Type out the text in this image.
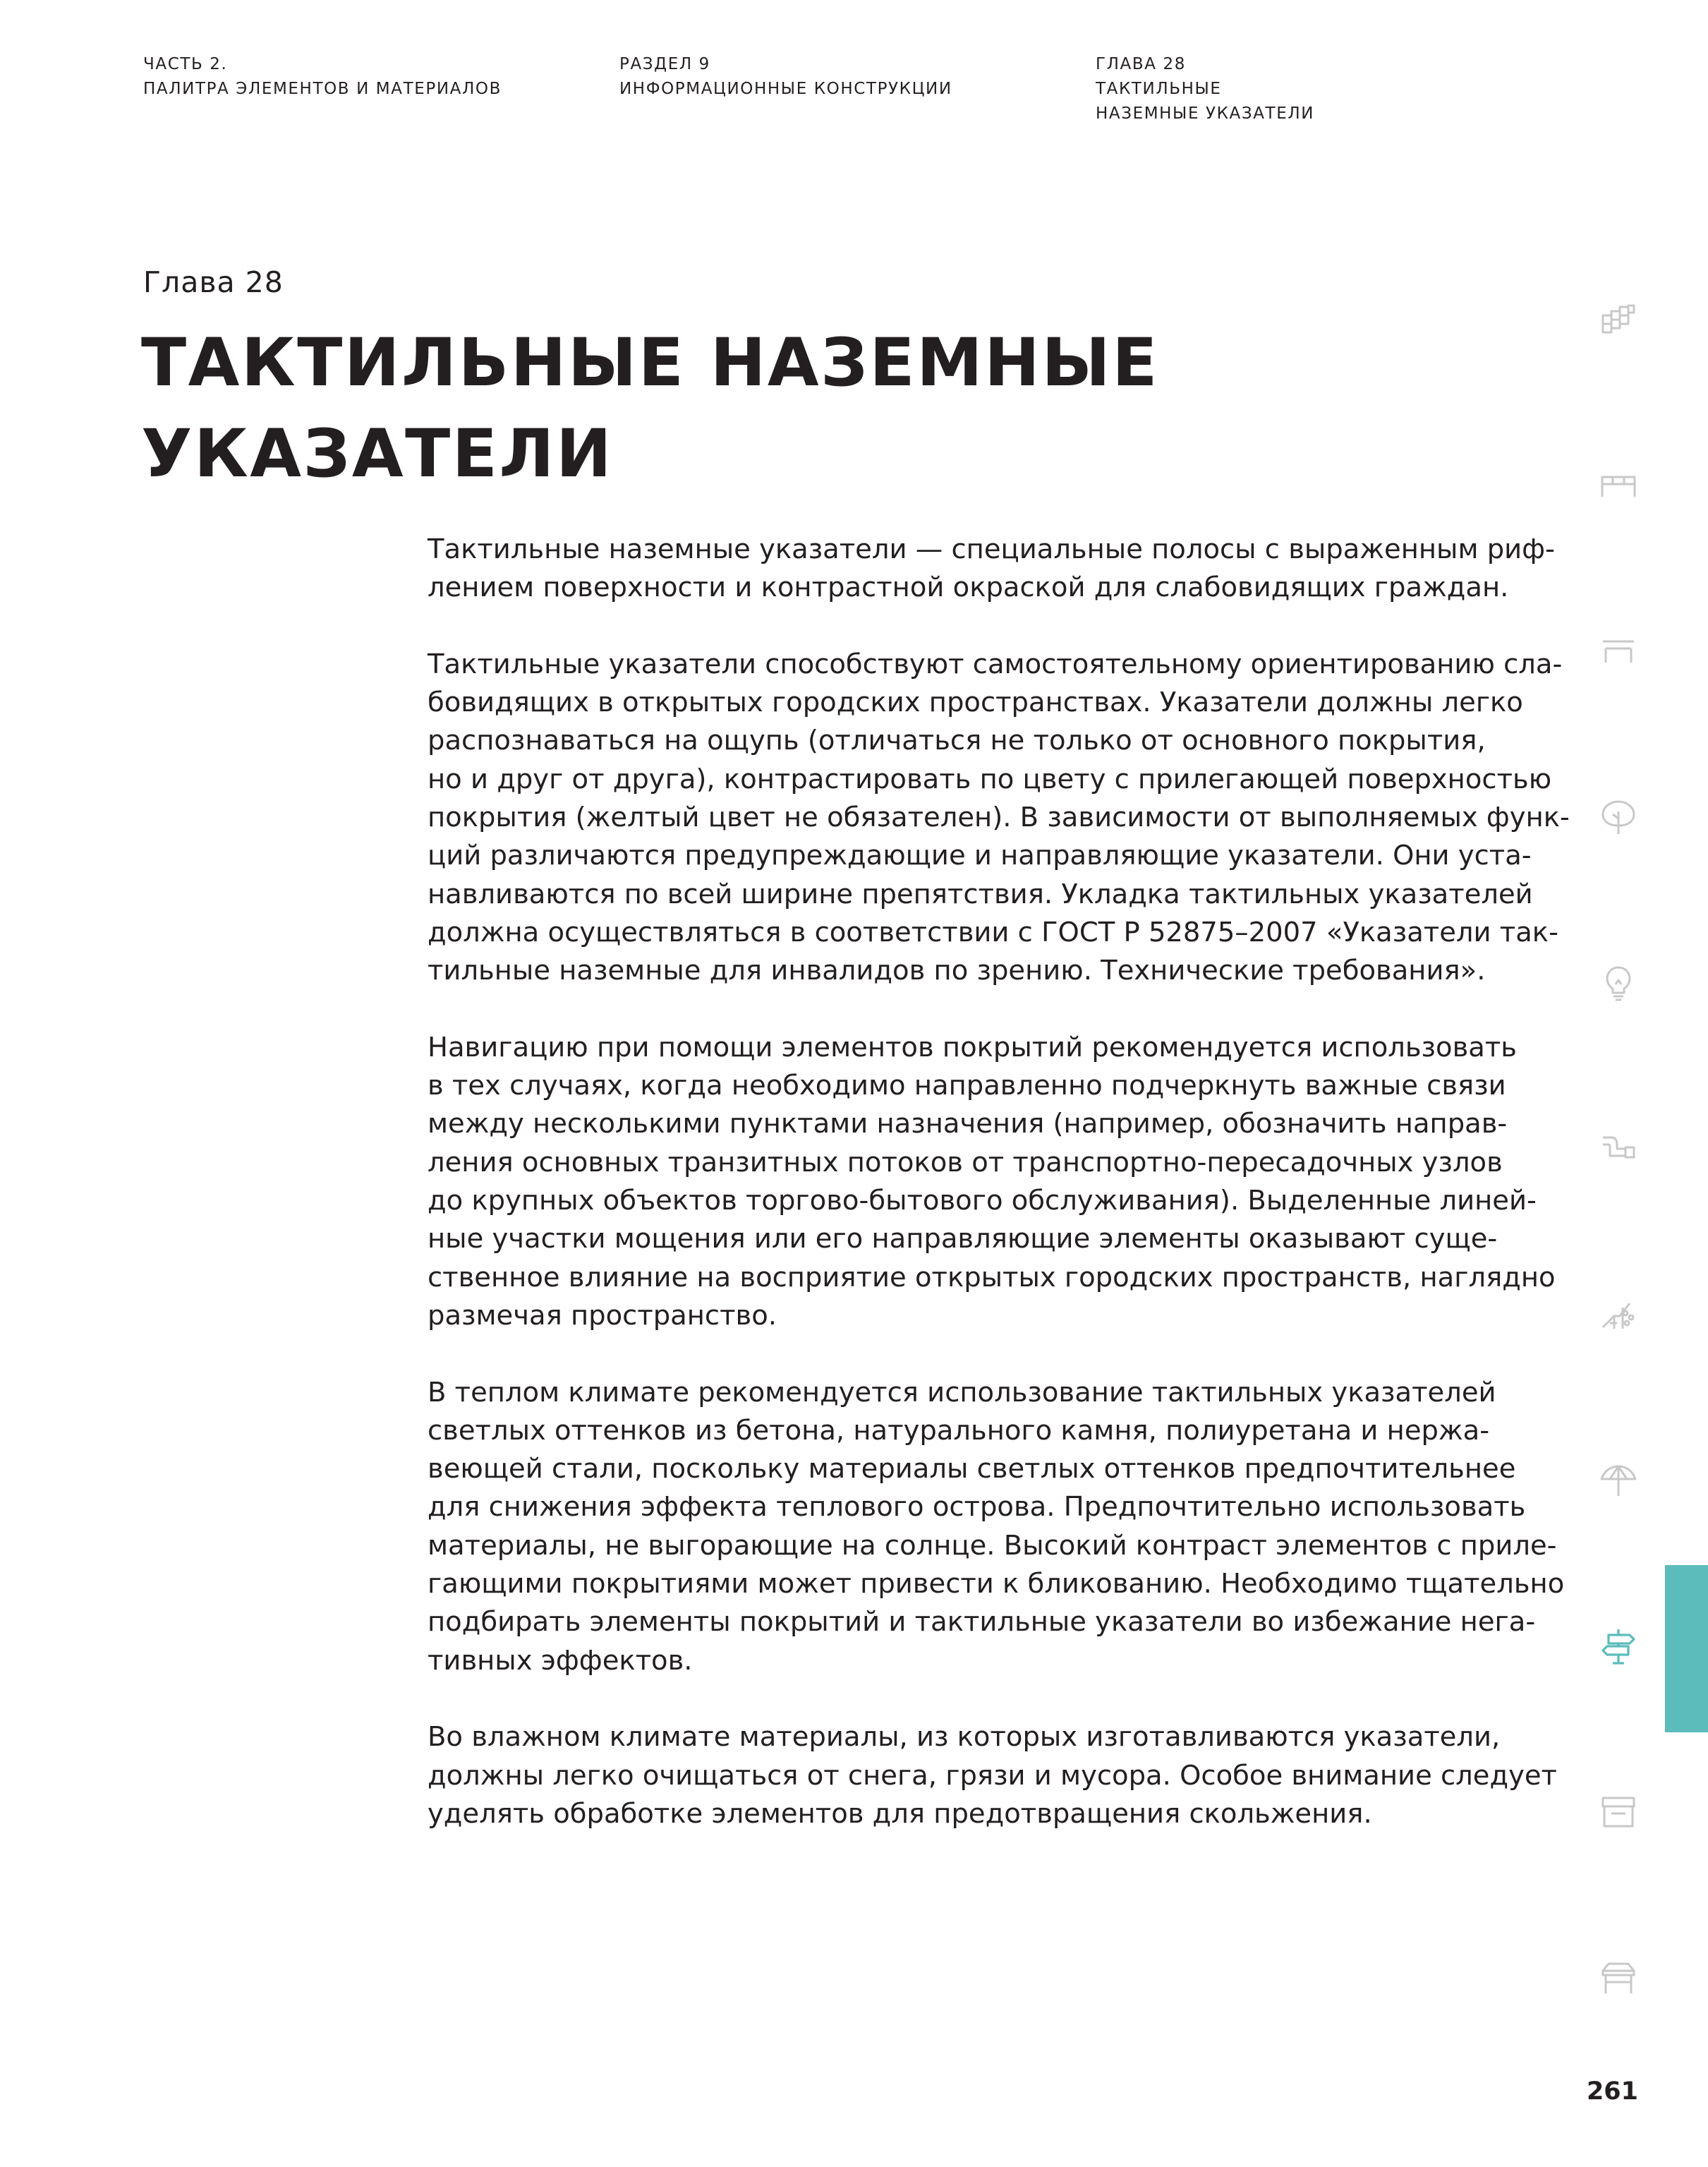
ЧАСТЬ 2.
ПАЛИТРА ЭЛЕМЕНТОВ И МАТЕРИАЛОВ
РАЗДЕЛ 9
ИНФОРМАЦИОННЫЕ КОНСТРУКЦИИ
ГЛАВА 28
ТАКТИЛЬНЫЕ
НАЗЕМНЫЕ УКАЗАТЕЛИ
Глава 28
ТАКТИЛЬНЫЕ НАЗЕМНЫЕ
УКАЗАТЕЛИ

Тактильные наземные указатели — специальные полосы с выраженным риф-
лением поверхности и контрастной окраской для слабовидящих граждан.

Тактильные указатели способствуют самостоятельному ориентированию сла-
бовидящих в открытых городских пространствах. Указатели должны легко
распознаваться на ощупь (отличаться не только от основного покрытия,
но и друг от друга), контрастировать по цвету с прилегающей поверхностью
покрытия (желтый цвет не обязателен). В зависимости от выполняемых функ-
ций различаются предупреждающие и направляющие указатели. Они уста-
навливаются по всей ширине препятствия. Укладка тактильных указателей
должна осуществляться в соответствии с ГОСТ Р 52875–2007 «Указатели так-
тильные наземные для инвалидов по зрению. Технические требования».

Навигацию при помощи элементов покрытий рекомендуется использовать
в тех случаях, когда необходимо направленно подчеркнуть важные связи
между несколькими пунктами назначения (например, обозначить направ-
ления основных транзитных потоков от транспортно-пересадочных узлов
до крупных объектов торгово-бытового обслуживания). Выделенные линей-
ные участки мощения или его направляющие элементы оказывают суще-
ственное влияние на восприятие открытых городских пространств, наглядно
размечая пространство.

В теплом климате рекомендуется использование тактильных указателей
светлых оттенков из бетона, натурального камня, полиуретана и нержа-
веющей стали, поскольку материалы светлых оттенков предпочтительнее
для снижения эффекта теплового острова. Предпочтительно использовать
материалы, не выгорающие на солнце. Высокий контраст элементов с приле-
гающими покрытиями может привести к бликованию. Необходимо тщательно
подбирать элементы покрытий и тактильные указатели во избежание нега-
тивных эффектов.

Во влажном климате материалы, из которых изготавливаются указатели,
должны легко очищаться от снега, грязи и мусора. Особое внимание следует
уделять обработке элементов для предотвращения скольжения.

261
